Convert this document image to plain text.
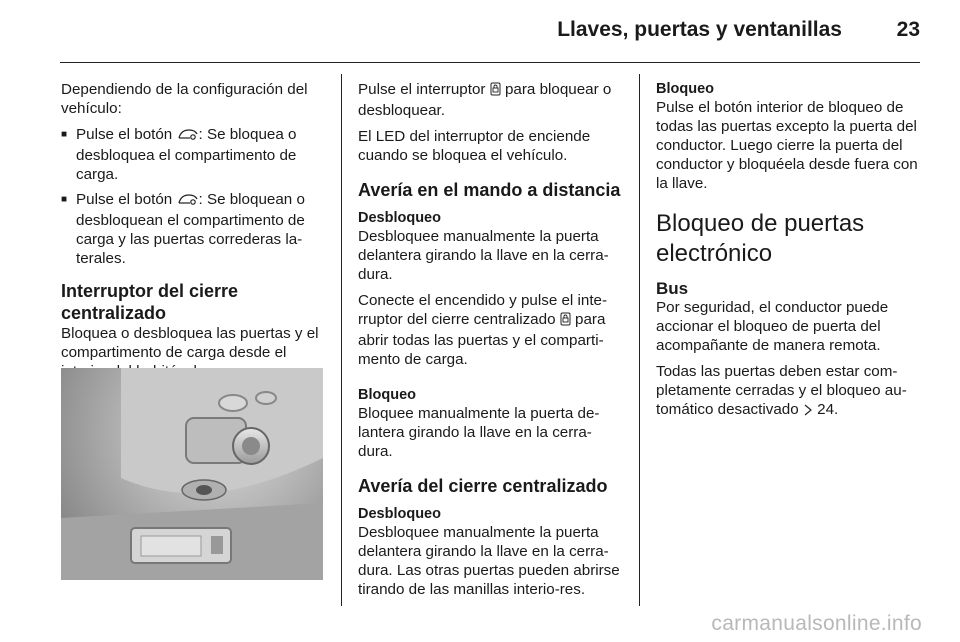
Llaves, puertas y ventanillas	23

Dependiendo de la configuración del vehículo:

■ Pulse el botón : Se bloquea o desbloquea el compartimento de carga.
■ Pulse el botón : Se bloquean o desbloquean el compartimento de carga y las puertas correderas la-terales.
Interruptor del cierre
centralizado

Bloquea o desbloquea las puertas y el compartimento de carga desde el

Pulse el interruptor para bloquear o desbloquear.

El LED del interruptor de enciende cuando se bloquea el vehículo.

Avería en el mando a distancia
Desbloqueo

Desbloquee manualmente la puerta delantera girando la llave en la cerra-dura.

Conecte el encendido y pulse el inte-rruptor del cierre centralizado para abrir todas las puertas y el comparti-mento de carga.

Bloqueo

Bloquee manualmente la puerta de-lantera girando la llave en la cerra-dura.

Avería del cierre centralizado
Desbloqueo

Desbloquee manualmente la puerta delantera girando la llave en la cerra-dura. Las otras puertas pueden abrirse tirando de las manillas interio-res.

Bloqueo

Pulse el botón interior de bloqueo de todas las puertas excepto la puerta del conductor. Luego cierre la puerta del conductor y bloquéela desde fuera con la llave.

Bloqueo de puertas
electrónico
Bus

Por seguridad, el conductor puede accionar el bloqueo de puerta del acompañante de manera remota.

Todas las puertas deben estar com-pletamente cerradas y el bloqueo au-tomático desactivado 24.

carmanualsonline.info
